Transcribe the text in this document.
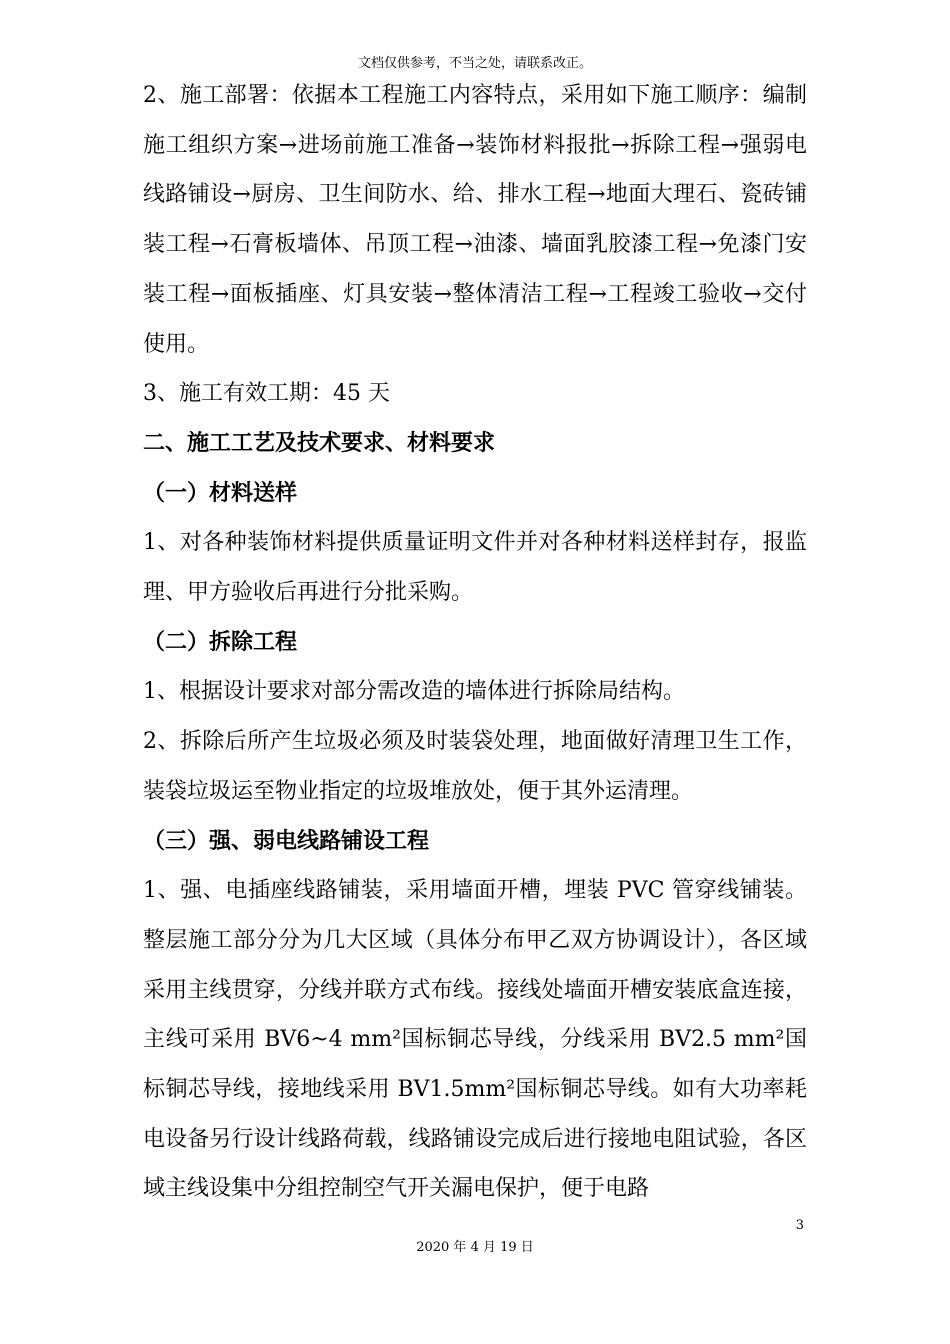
文档仅供参考，不当之处，请联系改正。

2、施工部署：依据本工程施工内容特点，采用如下施工顺序：编制施工组织方案→进场前施工准备→装饰材料报批→拆除工程→强弱电线路铺设→厨房、卫生间防水、给、排水工程→地面大理石、瓷砖铺装工程→石膏板墙体、吊顶工程→油漆、墙面乳胶漆工程→免漆门安装工程→面板插座、灯具安装→整体清洁工程→工程竣工验收→交付使用。

3、施工有效工期：45 天

二、施工工艺及技术要求、材料要求

（一）材料送样

1、对各种装饰材料提供质量证明文件并对各种材料送样封存，报监理、甲方验收后再进行分批采购。

（二）拆除工程

1、根据设计要求对部分需改造的墙体进行拆除局结构。

2、拆除后所产生垃圾必须及时装袋处理，地面做好清理卫生工作，装袋垃圾运至物业指定的垃圾堆放处，便于其外运清理。

（三）强、弱电线路铺设工程

1、强、电插座线路铺装，采用墙面开槽，埋装 PVC 管穿线铺装。整层施工部分分为几大区域（具体分布甲乙双方协调设计），各区域采用主线贯穿，分线并联方式布线。接线处墙面开槽安装底盒连接，主线可采用 BV6~4 mm²国标铜芯导线，分线采用 BV2.5 mm²国标铜芯导线，接地线采用 BV1.5mm²国标铜芯导线。如有大功率耗电设备另行设计线路荷载，线路铺设完成后进行接地电阻试验，各区域主线设集中分组控制空气开关漏电保护，便于电路

3
2020 年 4 月 19 日
